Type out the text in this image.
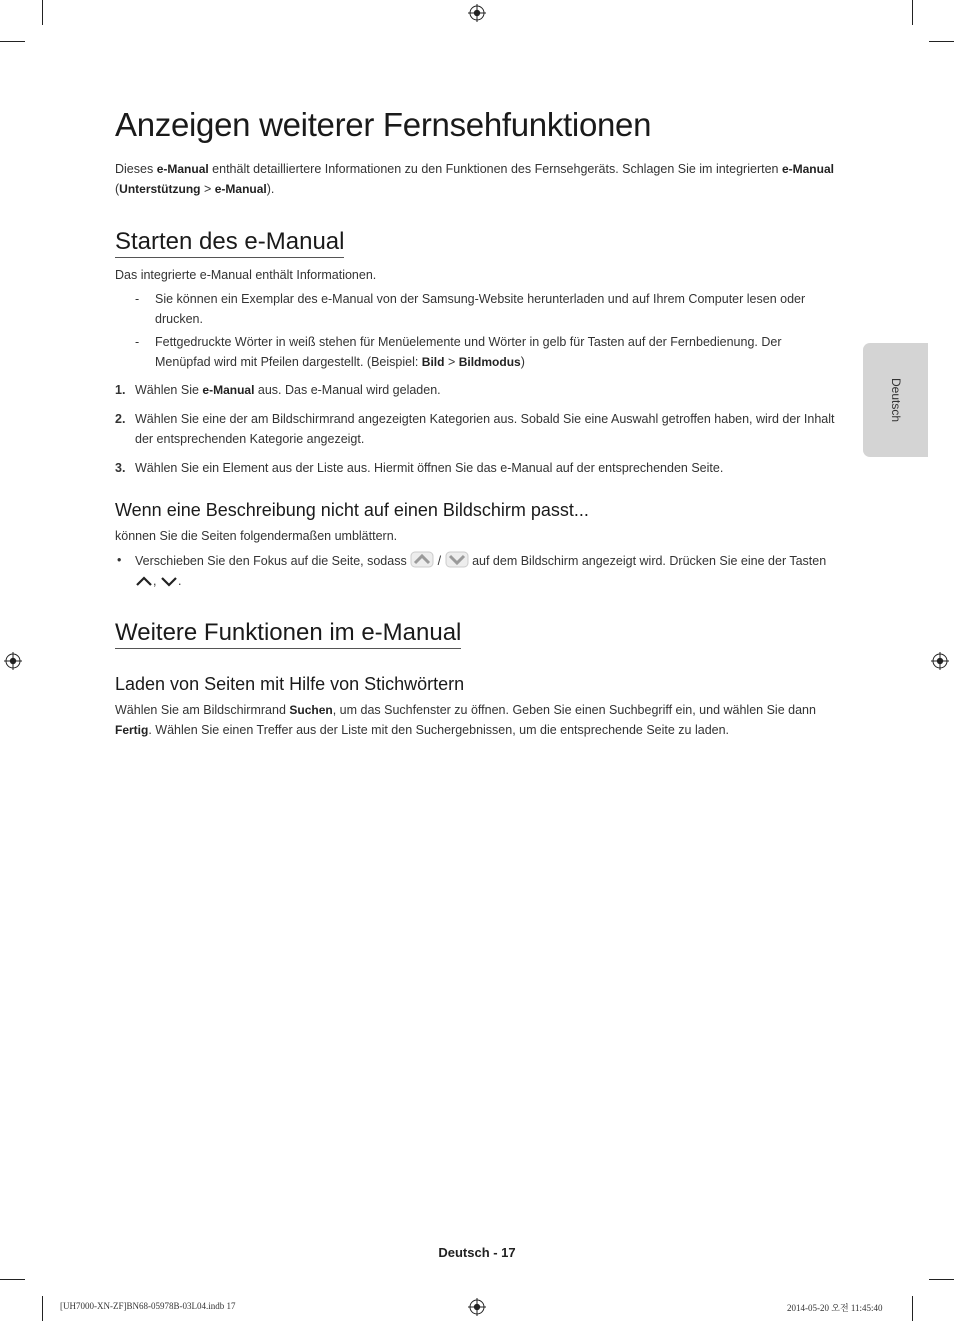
Anzeigen weiterer Fernsehfunktionen
Dieses e-Manual enthält detailliertere Informationen zu den Funktionen des Fernsehgeräts. Schlagen Sie im integrierten e-Manual (Unterstützung > e-Manual).
Starten des e-Manual
Das integrierte e-Manual enthält Informationen.
- Sie können ein Exemplar des e-Manual von der Samsung-Website herunterladen und auf Ihrem Computer lesen oder drucken.
- Fettgedruckte Wörter in weiß stehen für Menüelemente und Wörter in gelb für Tasten auf der Fernbedienung. Der Menüpfad wird mit Pfeilen dargestellt. (Beispiel: Bild > Bildmodus)
1. Wählen Sie e-Manual aus. Das e-Manual wird geladen.
2. Wählen Sie eine der am Bildschirmrand angezeigten Kategorien aus. Sobald Sie eine Auswahl getroffen haben, wird der Inhalt der entsprechenden Kategorie angezeigt.
3. Wählen Sie ein Element aus der Liste aus. Hiermit öffnen Sie das e-Manual auf der entsprechenden Seite.
Wenn eine Beschreibung nicht auf einen Bildschirm passt...
können Sie die Seiten folgendermaßen umblättern.
• Verschieben Sie den Fokus auf die Seite, sodass  /  auf dem Bildschirm angezeigt wird. Drücken Sie eine der Tasten , .
Weitere Funktionen im e-Manual
Laden von Seiten mit Hilfe von Stichwörtern
Wählen Sie am Bildschirmrand Suchen, um das Suchfenster zu öffnen. Geben Sie einen Suchbegriff ein, und wählen Sie dann Fertig. Wählen Sie einen Treffer aus der Liste mit den Suchergebnissen, um die entsprechende Seite zu laden.
Deutsch
Deutsch - 17
[UH7000-XN-ZF]BN68-05978B-03L04.indb 17	2014-05-20 오전 11:45:40
